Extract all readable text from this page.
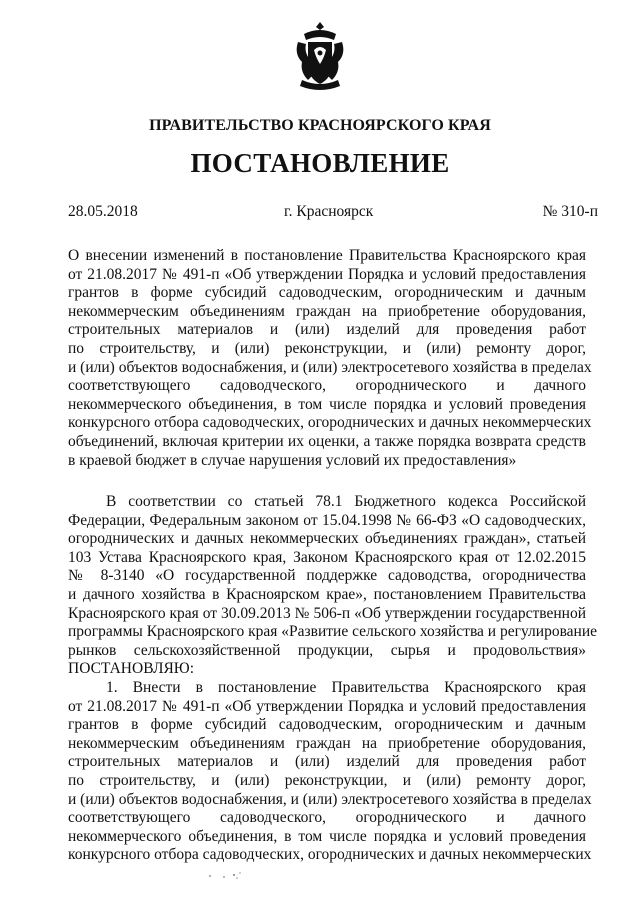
ПРАВИТЕЛЬСТВО КРАСНОЯРСКОГО КРАЯ
ПОСТАНОВЛЕНИЕ
28.05.2018	г. Красноярск	№ 310-п
О внесении изменений в постановление Правительства Красноярского края
от 21.08.2017 № 491-п «Об утверждении Порядка и условий предоставления
грантов в форме субсидий садоводческим, огородническим и дачным
некоммерческим объединениям граждан на приобретение оборудования,
строительных материалов и (или) изделий для проведения работ
по строительству, и (или) реконструкции, и (или) ремонту дорог,
и (или) объектов водоснабжения, и (или) электросетевого хозяйства в пределах
соответствующего садоводческого, огороднического и дачного
некоммерческого объединения, в том числе порядка и условий проведения
конкурсного отбора садоводческих, огороднических и дачных некоммерческих
объединений, включая критерии их оценки, а также порядка возврата средств
в краевой бюджет в случае нарушения условий их предоставления»
В соответствии со статьей 78.1 Бюджетного кодекса Российской
Федерации, Федеральным законом от 15.04.1998 № 66-ФЗ «О садоводческих,
огороднических и дачных некоммерческих объединениях граждан», статьей
103 Устава Красноярского края, Законом Красноярского края от 12.02.2015
№ 8-3140 «О государственной поддержке садоводства, огородничества
и дачного хозяйства в Красноярском крае», постановлением Правительства
Красноярского края от 30.09.2013 № 506-п «Об утверждении государственной
программы Красноярского края «Развитие сельского хозяйства и регулирование
рынков сельскохозяйственной продукции, сырья и продовольствия»
ПОСТАНОВЛЯЮ:
1. Внести в постановление Правительства Красноярского края
от 21.08.2017 № 491-п «Об утверждении Порядка и условий предоставления
грантов в форме субсидий садоводческим, огородническим и дачным
некоммерческим объединениям граждан на приобретение оборудования,
строительных материалов и (или) изделий для проведения работ
по строительству, и (или) реконструкции, и (или) ремонту дорог,
и (или) объектов водоснабжения, и (или) электросетевого хозяйства в пределах
соответствующего садоводческого, огороднического и дачного
некоммерческого объединения, в том числе порядка и условий проведения
конкурсного отбора садоводческих, огороднических и дачных некоммерческих
